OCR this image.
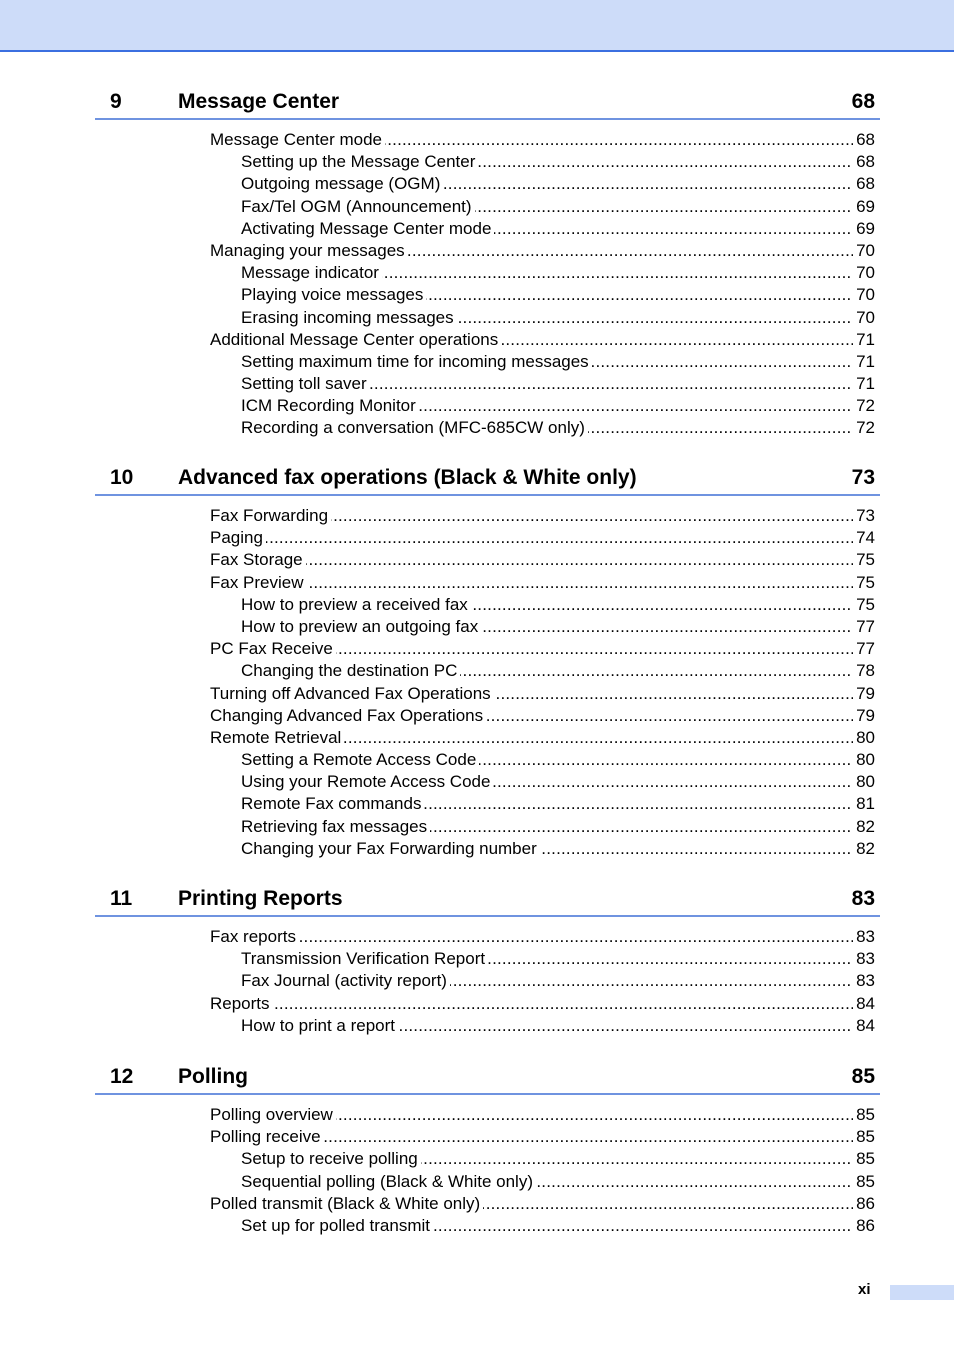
9	Message Center	68
Message Center mode .....	68
Setting up the Message Center .....	68
Outgoing message (OGM) .....	68
Fax/Tel OGM (Announcement) .....	69
Activating Message Center mode .....	69
Managing your messages .....	70
Message indicator .....	70
Playing voice messages .....	70
Erasing incoming messages .....	70
Additional Message Center operations .....	71
Setting maximum time for incoming messages .....	71
Setting toll saver .....	71
ICM Recording Monitor .....	72
Recording a conversation (MFC-685CW only) .....	72
10	Advanced fax operations (Black & White only)	73
Fax Forwarding .....	73
Paging .....	74
Fax Storage .....	75
Fax Preview .....	75
How to preview a received fax .....	75
How to preview an outgoing fax .....	77
PC Fax Receive .....	77
Changing the destination PC .....	78
Turning off Advanced Fax Operations .....	79
Changing Advanced Fax Operations .....	79
Remote Retrieval .....	80
Setting a Remote Access Code .....	80
Using your Remote Access Code .....	80
Remote Fax commands .....	81
Retrieving fax messages .....	82
Changing your Fax Forwarding number .....	82
11	Printing Reports	83
Fax reports .....	83
Transmission Verification Report .....	83
Fax Journal (activity report) .....	83
Reports .....	84
How to print a report .....	84
12	Polling	85
Polling overview .....	85
Polling receive .....	85
Setup to receive polling .....	85
Sequential polling (Black & White only) .....	85
Polled transmit (Black & White only) .....	86
Set up for polled transmit .....	86
xi
